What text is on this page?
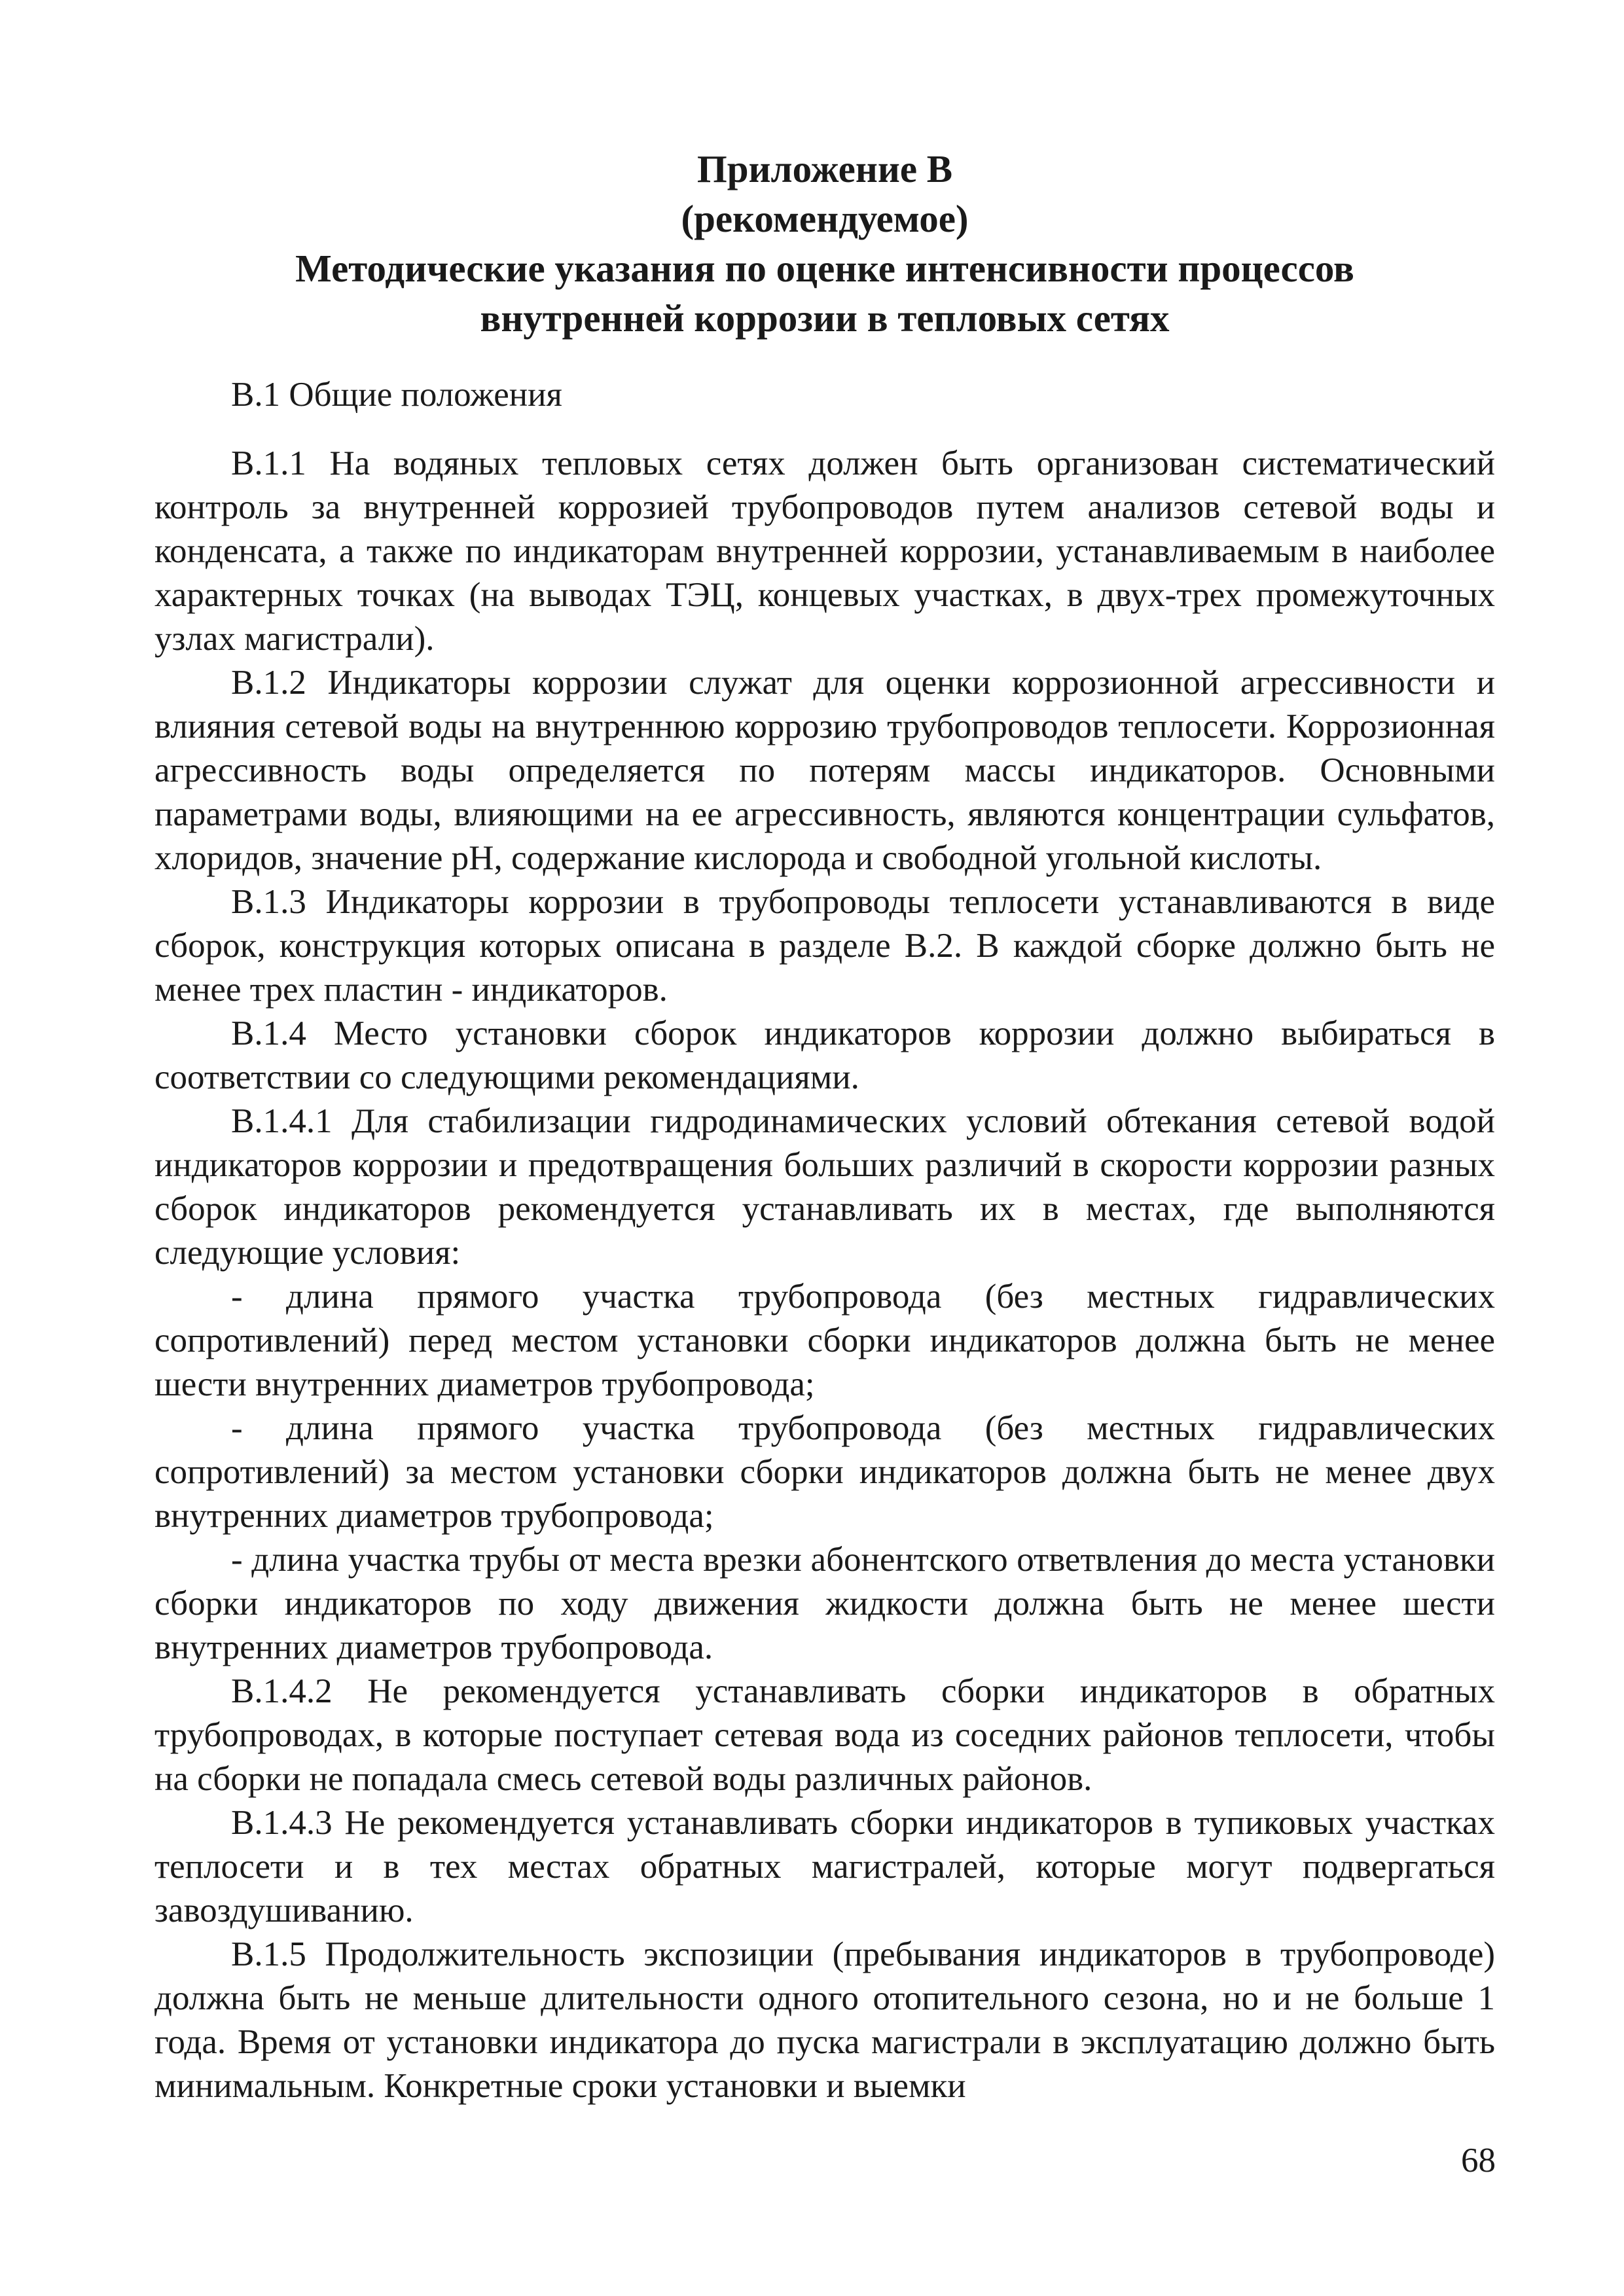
Приложение В

(рекомендуемое)

Методические указания по оценке интенсивности процессов

внутренней коррозии в тепловых сетях

В.1 Общие положения

В.1.1 На водяных тепловых сетях должен быть организован систематический контроль за внутренней коррозией трубопроводов путем анализов сетевой воды и конденсата, а также по индикаторам внутренней коррозии, устанавливаемым в наиболее характерных точках (на выводах ТЭЦ, концевых участках, в двух-трех промежуточных узлах магистрали).

В.1.2 Индикаторы коррозии служат для оценки коррозионной агрессивности и влияния сетевой воды на внутреннюю коррозию трубопроводов теплосети. Коррозионная агрессивность воды определяется по потерям массы индикаторов. Основными параметрами воды, влияющими на ее агрессивность, являются концентрации сульфатов, хлоридов, значение pH, содержание кислорода и свободной угольной кислоты.

В.1.3 Индикаторы коррозии в трубопроводы теплосети устанавливаются в виде сборок, конструкция которых описана в разделе В.2. В каждой сборке должно быть не менее трех пластин - индикаторов.

В.1.4 Место установки сборок индикаторов коррозии должно выбираться в соответствии со следующими рекомендациями.

В.1.4.1 Для стабилизации гидродинамических условий обтекания сетевой водой индикаторов коррозии и предотвращения больших различий в скорости коррозии разных сборок индикаторов рекомендуется устанавливать их в местах, где выполняются следующие условия:

- длина прямого участка трубопровода (без местных гидравлических сопротивлений) перед местом установки сборки индикаторов должна быть не менее шести внутренних диаметров трубопровода;

- длина прямого участка трубопровода (без местных гидравлических сопротивлений) за местом установки сборки индикаторов должна быть не менее двух внутренних диаметров трубопровода;

- длина участка трубы от места врезки абонентского ответвления до места установки сборки индикаторов по ходу движения жидкости должна быть не менее шести внутренних диаметров трубопровода.

В.1.4.2 Не рекомендуется устанавливать сборки индикаторов в обратных трубопроводах, в которые поступает сетевая вода из соседних районов теплосети, чтобы на сборки не попадала смесь сетевой воды различных районов.

В.1.4.3 Не рекомендуется устанавливать сборки индикаторов в тупиковых участках теплосети и в тех местах обратных магистралей, которые могут подвергаться завоздушиванию.

В.1.5 Продолжительность экспозиции (пребывания индикаторов в трубопроводе) должна быть не меньше длительности одного отопительного сезона, но и не больше 1 года. Время от установки индикатора до пуска магистрали в эксплуатацию должно быть минимальным. Конкретные сроки установки и выемки

68
